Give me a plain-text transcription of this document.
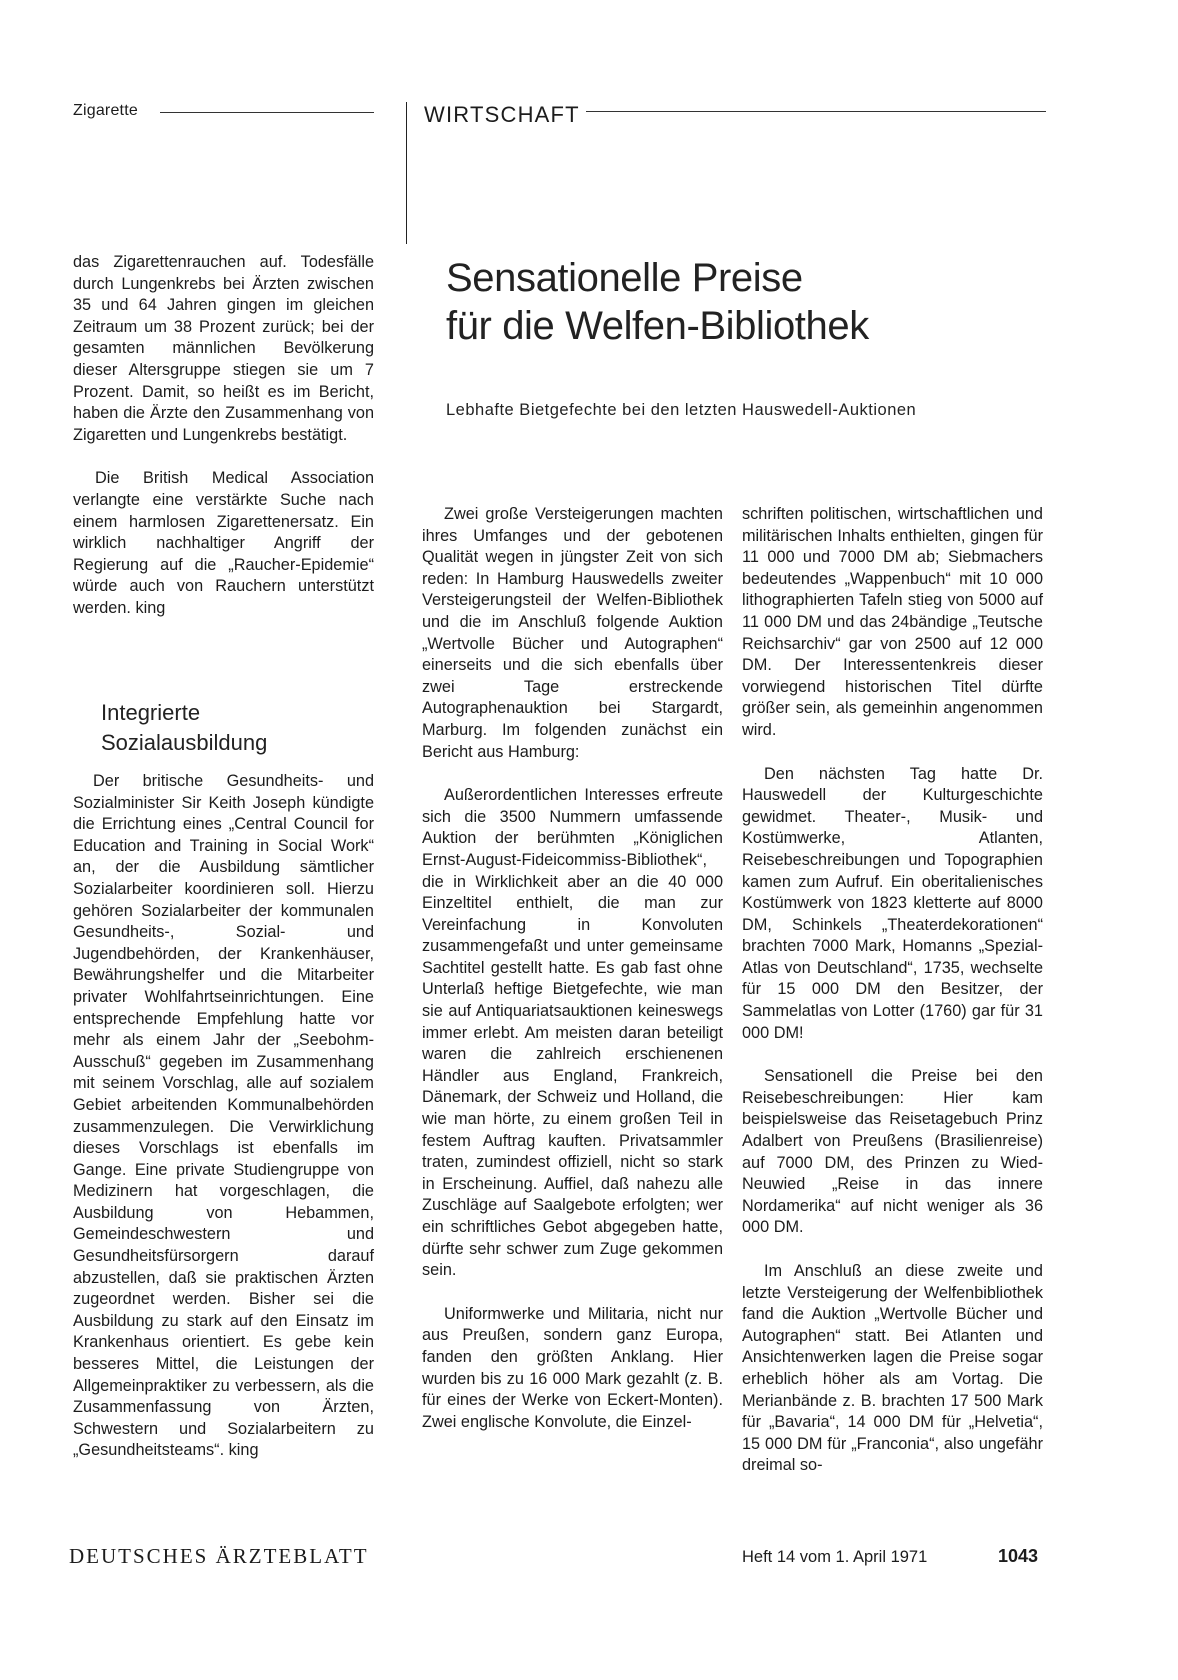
Zigarette	WIRTSCHAFT

das Zigarettenrauchen auf. Todesfälle durch Lungenkrebs bei Ärzten zwischen 35 und 64 Jahren gingen im gleichen Zeitraum um 38 Prozent zurück; bei der gesamten männlichen Bevölkerung dieser Altersgruppe stiegen sie um 7 Prozent. Damit, so heißt es im Bericht, haben die Ärzte den Zusammenhang von Zigaretten und Lungenkrebs bestätigt.

Die British Medical Association verlangte eine verstärkte Suche nach einem harmlosen Zigarettenersatz. Ein wirklich nachhaltiger Angriff der Regierung auf die „Raucher-Epidemie“ würde auch von Rauchern unterstützt werden. king

Integrierte Sozialausbildung

Der britische Gesundheits- und Sozialminister Sir Keith Joseph kündigte die Errichtung eines „Central Council for Education and Training in Social Work“ an, der die Ausbildung sämtlicher Sozialarbeiter koordinieren soll. Hierzu gehören Sozialarbeiter der kommunalen Gesundheits-, Sozial- und Jugendbehörden, der Krankenhäuser, Bewährungshelfer und die Mitarbeiter privater Wohlfahrtseinrichtungen. Eine entsprechende Empfehlung hatte vor mehr als einem Jahr der „Seebohm-Ausschuß“ gegeben im Zusammenhang mit seinem Vorschlag, alle auf sozialem Gebiet arbeitenden Kommunalbehörden zusammenzulegen. Die Verwirklichung dieses Vorschlags ist ebenfalls im Gange. Eine private Studiengruppe von Medizinern hat vorgeschlagen, die Ausbildung von Hebammen, Gemeindeschwestern und Gesundheitsfürsorgern darauf abzustellen, daß sie praktischen Ärzten zugeordnet werden. Bisher sei die Ausbildung zu stark auf den Einsatz im Krankenhaus orientiert. Es gebe kein besseres Mittel, die Leistungen der Allgemeinpraktiker zu verbessern, als die Zusammenfassung von Ärzten, Schwestern und Sozialarbeitern zu „Gesundheitsteams“. king

Sensationelle Preise
für die Welfen-Bibliothek
Lebhafte Bietgefechte bei den letzten Hauswedell-Auktionen

Zwei große Versteigerungen machten ihres Umfanges und der gebotenen Qualität wegen in jüngster Zeit von sich reden: In Hamburg Hauswedells zweiter Versteigerungsteil der Welfen-Bibliothek und die im Anschluß folgende Auktion „Wertvolle Bücher und Autographen“ einerseits und die sich ebenfalls über zwei Tage erstreckende Autographenauktion bei Stargardt, Marburg. Im folgenden zunächst ein Bericht aus Hamburg:

Außerordentlichen Interesses erfreute sich die 3500 Nummern umfassende Auktion der berühmten „Königlichen Ernst-August-Fideicommiss-Bibliothek“, die in Wirklichkeit aber an die 40 000 Einzeltitel enthielt, die man zur Vereinfachung in Konvoluten zusammengefaßt und unter gemeinsame Sachtitel gestellt hatte. Es gab fast ohne Unterlaß heftige Bietgefechte, wie man sie auf Antiquariatsauktionen keineswegs immer erlebt. Am meisten daran beteiligt waren die zahlreich erschienenen Händler aus England, Frankreich, Dänemark, der Schweiz und Holland, die wie man hörte, zu einem großen Teil in festem Auftrag kauften. Privatsammler traten, zumindest offiziell, nicht so stark in Erscheinung. Auffiel, daß nahezu alle Zuschläge auf Saalgebote erfolgten; wer ein schriftliches Gebot abgegeben hatte, dürfte sehr schwer zum Zuge gekommen sein.

Uniformwerke und Militaria, nicht nur aus Preußen, sondern ganz Europa, fanden den größten Anklang. Hier wurden bis zu 16 000 Mark gezahlt (z. B. für eines der Werke von Eckert-Monten). Zwei englische Konvolute, die Einzel-

schriften politischen, wirtschaftlichen und militärischen Inhalts enthielten, gingen für 11 000 und 7000 DM ab; Siebmachers bedeutendes „Wappenbuch“ mit 10 000 lithographierten Tafeln stieg von 5000 auf 11 000 DM und das 24bändige „Teutsche Reichsarchiv“ gar von 2500 auf 12 000 DM. Der Interessentenkreis dieser vorwiegend historischen Titel dürfte größer sein, als gemeinhin angenommen wird.

Den nächsten Tag hatte Dr. Hauswedell der Kulturgeschichte gewidmet. Theater-, Musik- und Kostümwerke, Atlanten, Reisebeschreibungen und Topographien kamen zum Aufruf. Ein oberitalienisches Kostümwerk von 1823 kletterte auf 8000 DM, Schinkels „Theaterdekorationen“ brachten 7000 Mark, Homanns „Spezial-Atlas von Deutschland“, 1735, wechselte für 15 000 DM den Besitzer, der Sammelatlas von Lotter (1760) gar für 31 000 DM!

Sensationell die Preise bei den Reisebeschreibungen: Hier kam beispielsweise das Reisetagebuch Prinz Adalbert von Preußens (Brasilienreise) auf 7000 DM, des Prinzen zu Wied-Neuwied „Reise in das innere Nordamerika“ auf nicht weniger als 36 000 DM.

Im Anschluß an diese zweite und letzte Versteigerung der Welfenbibliothek fand die Auktion „Wertvolle Bücher und Autographen“ statt. Bei Atlanten und Ansichtenwerken lagen die Preise sogar erheblich höher als am Vortag. Die Merianbände z. B. brachten 17 500 Mark für „Bavaria“, 14 000 DM für „Helvetia“, 15 000 DM für „Franconia“, also ungefähr dreimal so-

DEUTSCHES ÄRZTEBLATT	Heft 14 vom 1. April 1971	1043
